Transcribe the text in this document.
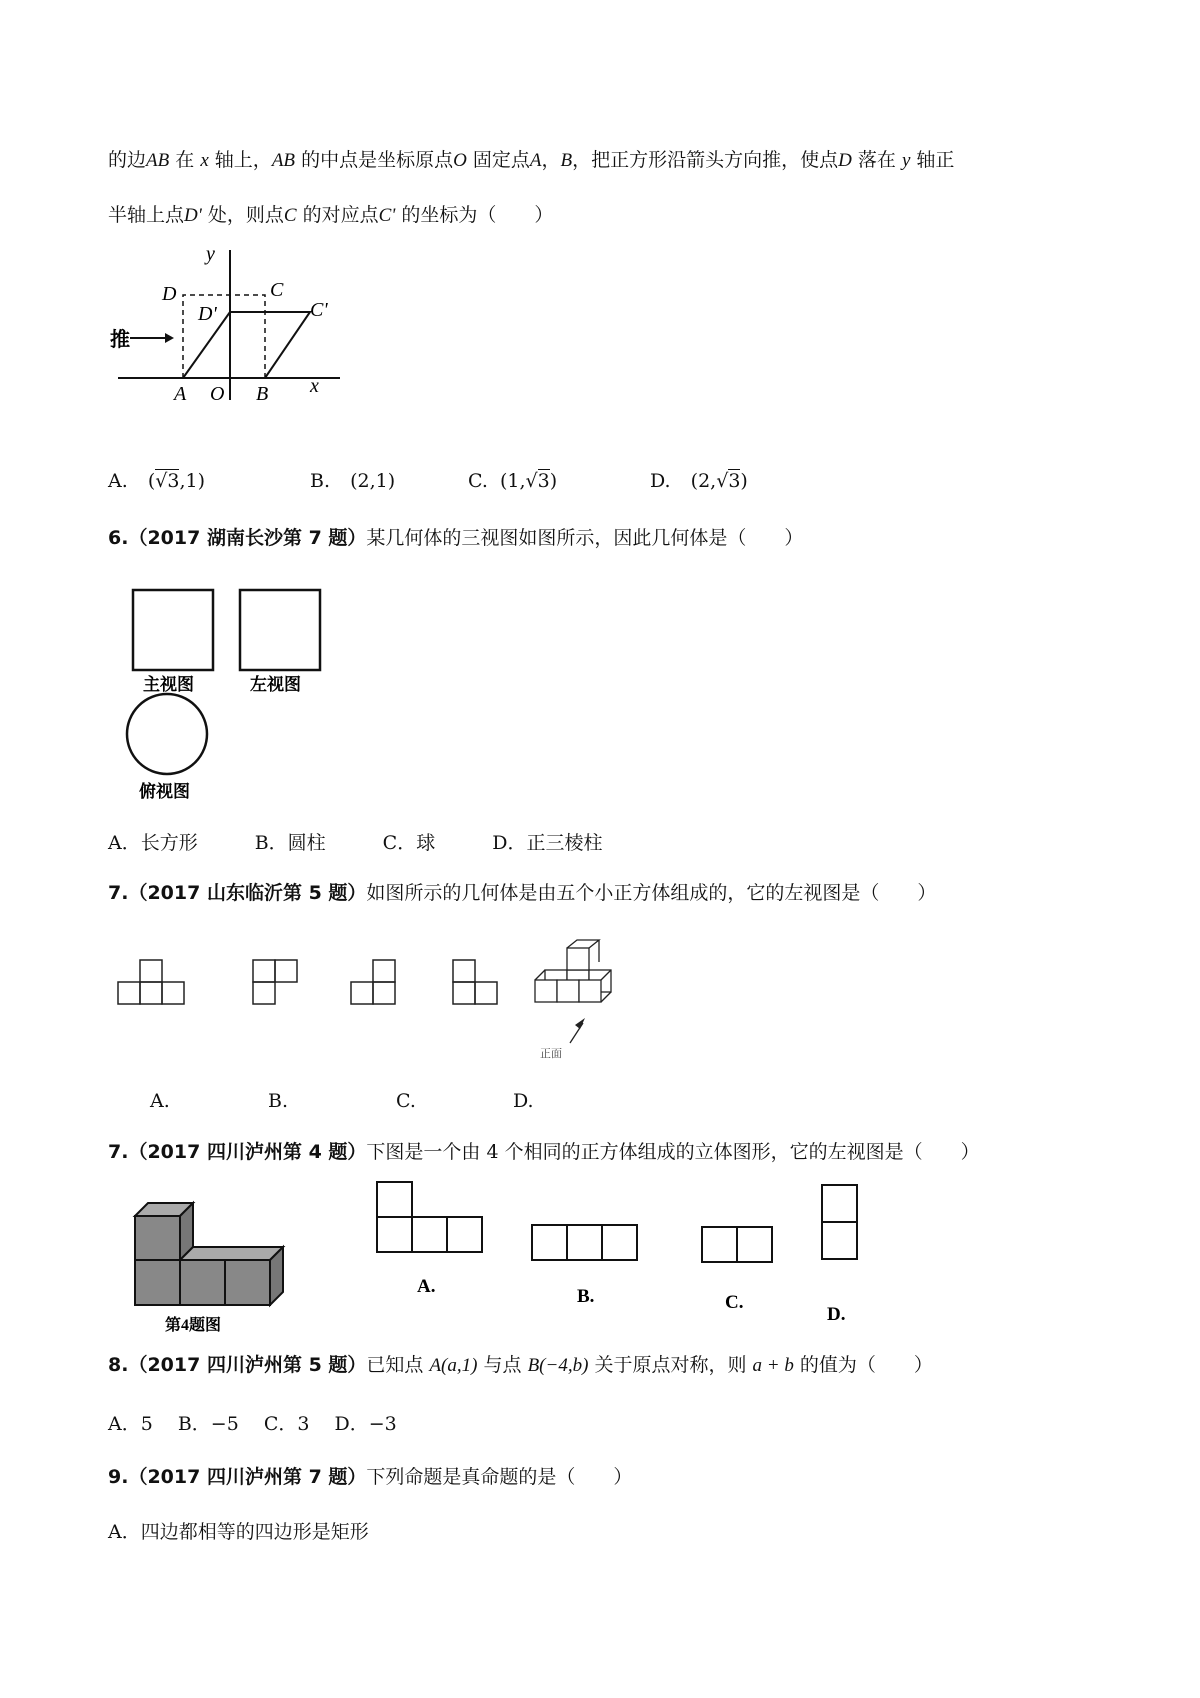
的边AB 在 x 轴上，AB 的中点是坐标原点O 固定点A，B，把正方形沿箭头方向推，使点D 落在 y 轴正
半轴上点D' 处，则点C 的对应点C' 的坐标为（　　）
推
y
x
D	C
D'	C'
A O B
A. (√3,1)	B. (2,1)	C. (1,√3)	D. (2,√3)
6.（2017 湖南长沙第 7 题）某几何体的三视图如图所示，因此几何体是（　　）
主视图	左视图
俯视图
A．长方形　　　B．圆柱　　　C．球　　　D．正三棱柱
7.（2017 山东临沂第 5 题）如图所示的几何体是由五个小正方体组成的，它的左视图是（　　）
正面
A.	B.	C.	D.
7.（2017 四川泸州第 4 题）下图是一个由 4 个相同的正方体组成的立体图形，它的左视图是（　　）
第4题图
A.	B.	C.
D.
8.（2017 四川泸州第 5 题）已知点 A(a,1) 与点 B(−4,b) 关于原点对称，则 a + b 的值为（　　）
A．5　 B．−5　 C．3　 D．−3
9.（2017 四川泸州第 7 题）下列命题是真命题的是（　　）
A．四边都相等的四边形是矩形
